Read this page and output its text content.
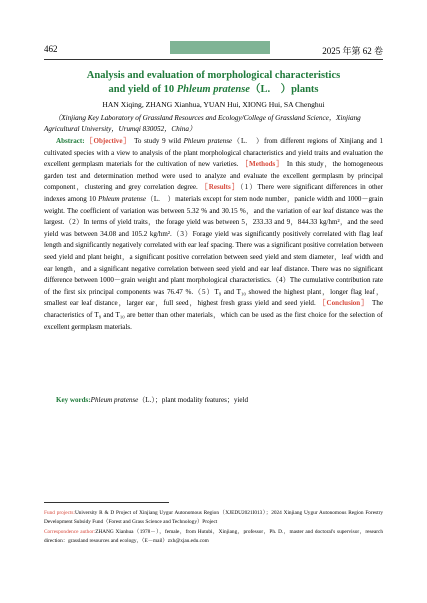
462	2025 年第 62 卷
Analysis and evaluation of morphological characteristics
and yield of 10 Phleum pratense（L.　）plants
HAN Xiqing, ZHANG Xianhua, YUAN Hui, XIONG Hui, SA Chenghui
（Xinjiang Key Laboratory of Grassland Resources and Ecology/College of Grassland Science，Xinjiang Agricultural University，Urumqi 830052，China）
Abstract:［Objective］ To study 9 wild Phleum pratense（L.　）from different regions of Xinjiang and 1 cultivated species with a view to analysis of the plant morphological characteristics and yield traits and evaluation the excellent germplasm materials for the cultivation of new varieties. ［Methods］ In this study，the homogeneous garden test and determination method were used to analyze and evaluate the excellent germplasm by principal component，clustering and grey correlation degree. ［Results］（1）There were significant differences in other indexes among 10 Phleum pratense（L.　）materials except for stem node number，panicle width and 1000－grain weight. The coefficient of variation was between 5.32 % and 30.15 %，and the variation of ear leaf distance was the largest.（2）In terms of yield traits，the forage yield was between 5，233.33 and 9，844.33 kg/hm²，and the seed yield was between 34.08 and 105.2 kg/hm².（3）Forage yield was significantly positively correlated with flag leaf length and significantly negatively correlated with ear leaf spacing. There was a significant positive correlation between seed yield and plant height，a significant positive correlation between seed yield and stem diameter，leaf width and ear length，and a significant negative correlation between seed yield and ear leaf distance. There was no significant difference between 1000－grain weight and plant morphological characteristics.（4）The cumulative contribution rate of the first six principal components was 76.47 %.（5）T₉ and T₁₀ showed the highest plant，longer flag leaf，smallest ear leaf distance，larger ear，full seed，highest fresh grass yield and seed yield. ［Conclusion］ The characteristics of T₉ and T₁₀ are better than other materials，which can be used as the first choice for the selection of excellent germplasm materials.
Key words:Phleum pratense（L.）；plant modality features；yield
Fund projects:University R & D Project of Xinjiang Uygur Autonomous Region（XJEDU2021I013）；2024 Xinjiang Uygur Autonomous Region Forestry Development Subsidy Fund（Forest and Grass Science and Technology）Project
Correspondence author:ZHANG Xianhua（1978－），female，from Hutubi，Xinjiang，professor，Ph. D.，master and doctoral's supervisor，research direction：grassland resources and ecology，（E－mail）zxh@xjau.edu.com
